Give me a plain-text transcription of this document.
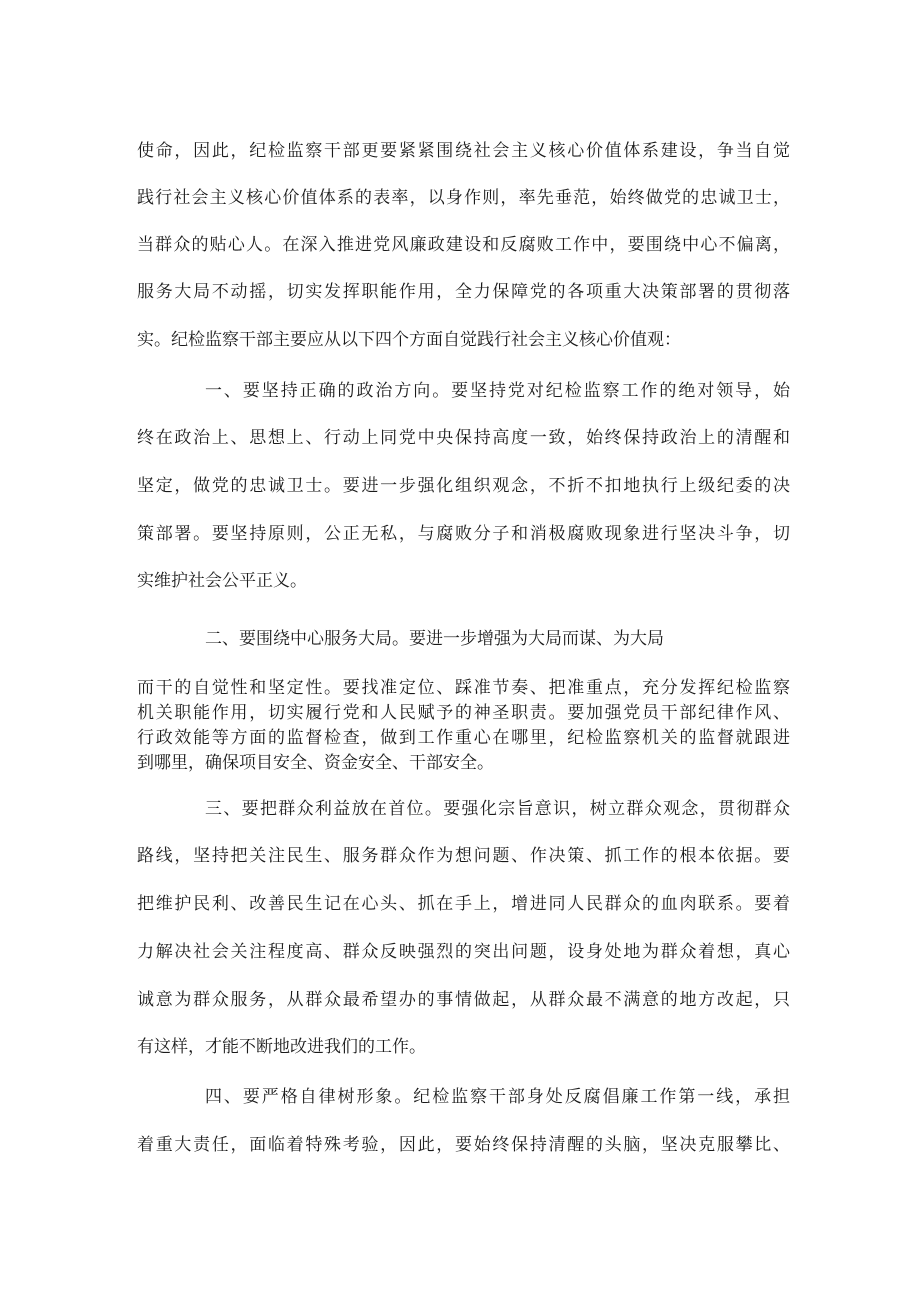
使命，因此，纪检监察干部更要紧紧围绕社会主义核心价值体系建设，争当自觉

践行社会主义核心价值体系的表率，以身作则，率先垂范，始终做党的忠诚卫士，

当群众的贴心人。在深入推进党风廉政建设和反腐败工作中，要围绕中心不偏离，

服务大局不动摇，切实发挥职能作用，全力保障党的各项重大决策部署的贯彻落

实。纪检监察干部主要应从以下四个方面自觉践行社会主义核心价值观：

一、要坚持正确的政治方向。要坚持党对纪检监察工作的绝对领导，始

终在政治上、思想上、行动上同党中央保持高度一致，始终保持政治上的清醒和

坚定，做党的忠诚卫士。要进一步强化组织观念，不折不扣地执行上级纪委的决

策部署。要坚持原则，公正无私，与腐败分子和消极腐败现象进行坚决斗争，切

实维护社会公平正义。

二、要围绕中心服务大局。要进一步增强为大局而谋、为大局

而干的自觉性和坚定性。要找准定位、踩准节奏、把准重点，充分发挥纪检监察

机关职能作用，切实履行党和人民赋予的神圣职责。要加强党员干部纪律作风、

行政效能等方面的监督检查，做到工作重心在哪里，纪检监察机关的监督就跟进

到哪里，确保项目安全、资金安全、干部安全。

三、要把群众利益放在首位。要强化宗旨意识，树立群众观念，贯彻群众

路线，坚持把关注民生、服务群众作为想问题、作决策、抓工作的根本依据。要

把维护民利、改善民生记在心头、抓在手上，增进同人民群众的血肉联系。要着

力解决社会关注程度高、群众反映强烈的突出问题，设身处地为群众着想，真心

诚意为群众服务，从群众最希望办的事情做起，从群众最不满意的地方改起，只

有这样，才能不断地改进我们的工作。

四、要严格自律树形象。纪检监察干部身处反腐倡廉工作第一线，承担

着重大责任，面临着特殊考验，因此，要始终保持清醒的头脑，坚决克服攀比、
